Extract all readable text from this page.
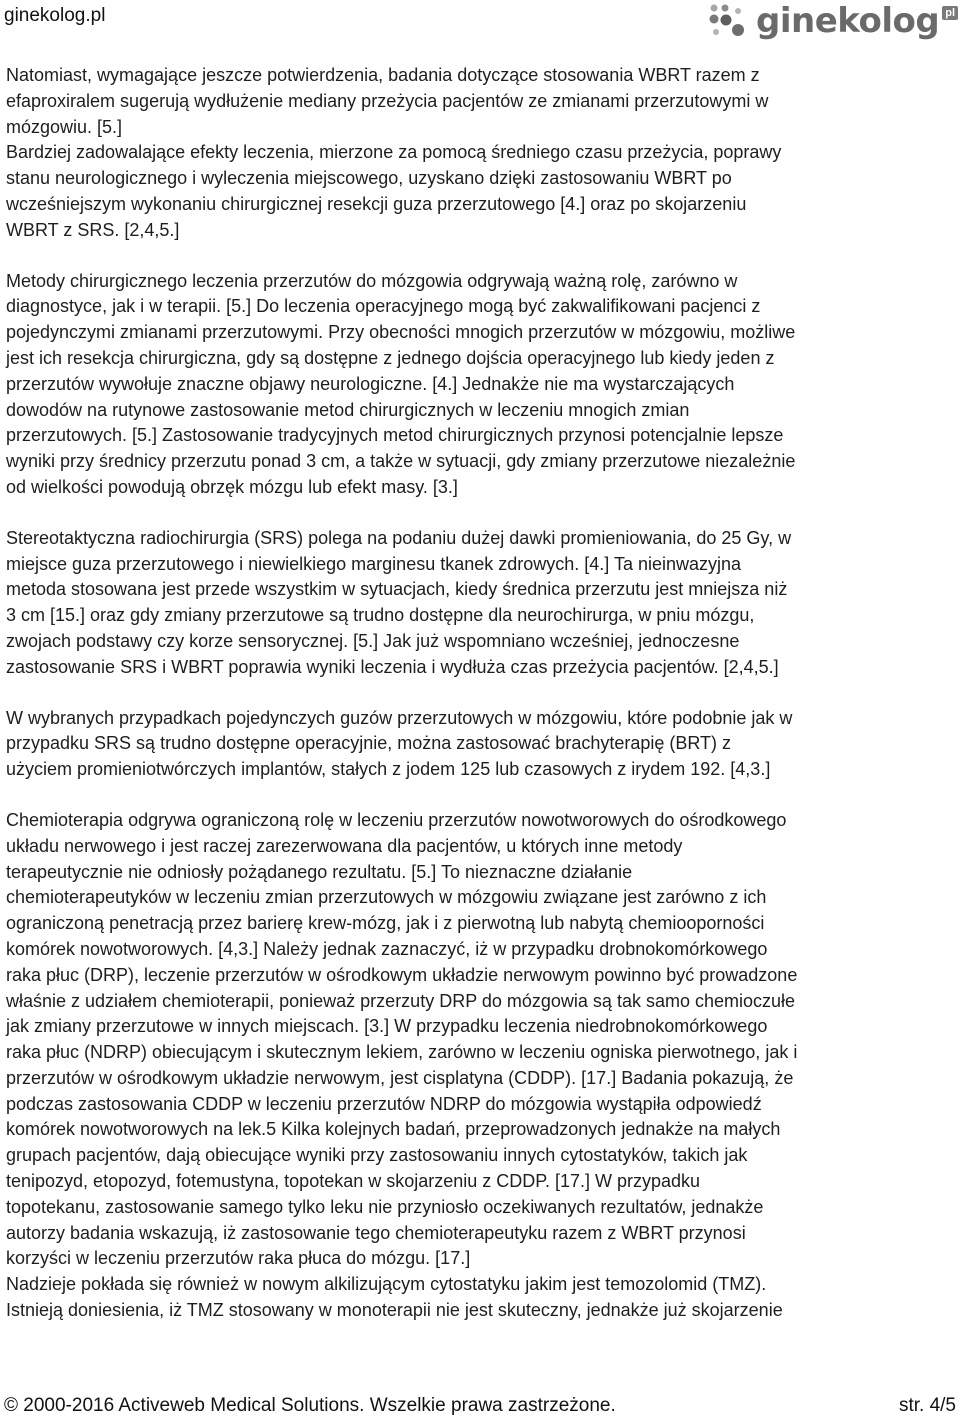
ginekolog.pl	ginekolog pl

Natomiast, wymagające jeszcze potwierdzenia, badania dotyczące stosowania WBRT razem z
efaproxiralem sugerują wydłużenie mediany przeżycia pacjentów ze zmianami przerzutowymi w
mózgowiu. [5.]
Bardziej zadowalające efekty leczenia, mierzone za pomocą średniego czasu przeżycia, poprawy
stanu neurologicznego i wyleczenia miejscowego, uzyskano dzięki zastosowaniu WBRT po
wcześniejszym wykonaniu chirurgicznej resekcji guza przerzutowego [4.] oraz po skojarzeniu
WBRT z SRS. [2,4,5.]

Metody chirurgicznego leczenia przerzutów do mózgowia odgrywają ważną rolę, zarówno w
diagnostyce, jak i w terapii. [5.] Do leczenia operacyjnego mogą być zakwalifikowani pacjenci z
pojedynczymi zmianami przerzutowymi. Przy obecności mnogich przerzutów w mózgowiu, możliwe
jest ich resekcja chirurgiczna, gdy są dostępne z jednego dojścia operacyjnego lub kiedy jeden z
przerzutów wywołuje znaczne objawy neurologiczne. [4.] Jednakże nie ma wystarczających
dowodów na rutynowe zastosowanie metod chirurgicznych w leczeniu mnogich zmian
przerzutowych. [5.] Zastosowanie tradycyjnych metod chirurgicznych przynosi potencjalnie lepsze
wyniki przy średnicy przerzutu ponad 3 cm, a także w sytuacji, gdy zmiany przerzutowe niezależnie
od wielkości powodują obrzęk mózgu lub efekt masy. [3.]

Stereotaktyczna radiochirurgia (SRS) polega na podaniu dużej dawki promieniowania, do 25 Gy, w
miejsce guza przerzutowego i niewielkiego marginesu tkanek zdrowych. [4.] Ta nieinwazyjna
metoda stosowana jest przede wszystkim w sytuacjach, kiedy średnica przerzutu jest mniejsza niż
3 cm [15.] oraz gdy zmiany przerzutowe są trudno dostępne dla neurochirurga, w pniu mózgu,
zwojach podstawy czy korze sensorycznej. [5.] Jak już wspomniano wcześniej, jednoczesne
zastosowanie SRS i WBRT poprawia wyniki leczenia i wydłuża czas przeżycia pacjentów. [2,4,5.]

W wybranych przypadkach pojedynczych guzów przerzutowych w mózgowiu, które podobnie jak w
przypadku SRS są trudno dostępne operacyjnie, można zastosować brachyterapię (BRT) z
użyciem promieniotwórczych implantów, stałych z jodem 125 lub czasowych z irydem 192. [4,3.]

Chemioterapia odgrywa ograniczoną rolę w leczeniu przerzutów nowotworowych do ośrodkowego
układu nerwowego i jest raczej zarezerwowana dla pacjentów, u których inne metody
terapeutycznie nie odniosły pożądanego rezultatu. [5.] To nieznaczne działanie
chemioterapeutyków w leczeniu zmian przerzutowych w mózgowiu związane jest zarówno z ich
ograniczoną penetracją przez barierę krew-mózg, jak i z pierwotną lub nabytą chemiooporności
komórek nowotworowych. [4,3.] Należy jednak zaznaczyć, iż w przypadku drobnokomórkowego
raka płuc (DRP), leczenie przerzutów w ośrodkowym układzie nerwowym powinno być prowadzone
właśnie z udziałem chemioterapii, ponieważ przerzuty DRP do mózgowia są tak samo chemioczułe
jak zmiany przerzutowe w innych miejscach. [3.] W przypadku leczenia niedrobnokomórkowego
raka płuc (NDRP) obiecującym i skutecznym lekiem, zarówno w leczeniu ogniska pierwotnego, jak i
przerzutów w ośrodkowym układzie nerwowym, jest cisplatyna (CDDP). [17.] Badania pokazują, że
podczas zastosowania CDDP w leczeniu przerzutów NDRP do mózgowia wystąpiła odpowiedź
komórek nowotworowych na lek.5 Kilka kolejnych badań, przeprowadzonych jednakże na małych
grupach pacjentów, dają obiecujące wyniki przy zastosowaniu innych cytostatyków, takich jak
tenipozyd, etopozyd, fotemustyna, topotekan w skojarzeniu z CDDP. [17.] W przypadku
topotekanu, zastosowanie samego tylko leku nie przyniosło oczekiwanych rezultatów, jednakże
autorzy badania wskazują, iż zastosowanie tego chemioterapeutyku razem z WBRT przynosi
korzyści w leczeniu przerzutów raka płuca do mózgu. [17.]
Nadzieje pokłada się również w nowym alkilizującym cytostatyku jakim jest temozolomid (TMZ).
Istnieją doniesienia, iż TMZ stosowany w monoterapii nie jest skuteczny, jednakże już skojarzenie

© 2000-2016 Activeweb Medical Solutions. Wszelkie prawa zastrzeżone.	str. 4/5
